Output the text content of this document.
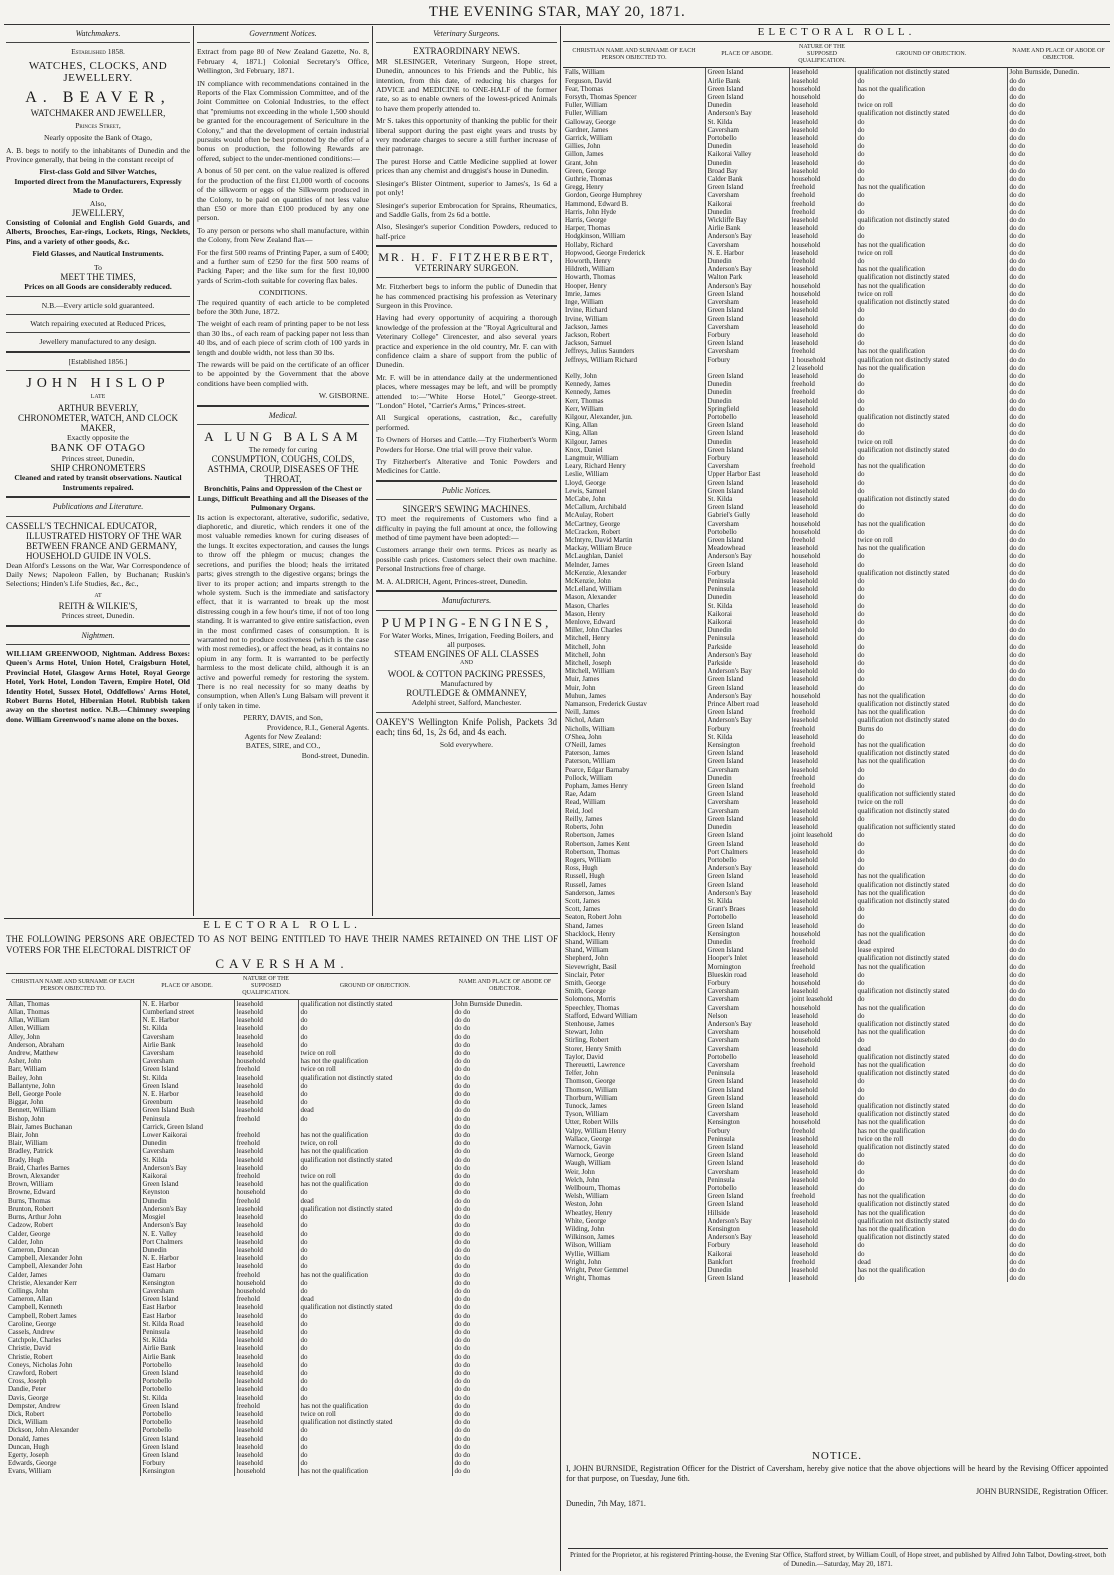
THE EVENING STAR, MAY 20, 1871.
Watchmakers.
Established 1858.
WATCHES, CLOCKS, AND JEWELLERY.
A. BEAVER,
WATCHMAKER AND JEWELLER,
Princes Street,
Nearly opposite the Bank of Otago,

A. B. begs to notify to the inhabitants of Dunedin and the Province generally, that being in the constant receipt of

First-class Gold and Silver Watches,
Imported direct from the Manufacturers, Expressly Made to Order.
Also,
JEWELLERY,

Consisting of Colonial and English Gold Guards, and Alberts, Brooches, Ear-rings, Lockets, Rings, Necklets, Pins, and a variety of other goods, &c.

Field Glasses, and Nautical Instruments.
To
MEET THE TIMES,
Prices on all Goods are considerably reduced.
N.B.—Every article sold guaranteed.
Watch repairing executed at Reduced Prices,
Jewellery manufactured to any design.
[Established 1856.]
JOHN HISLOP
LATE
ARTHUR BEVERLY,
CHRONOMETER, WATCH, AND CLOCK MAKER,
Exactly opposite the
BANK OF OTAGO
Princes street, Dunedin,
SHIP CHRONOMETERS
Cleaned and rated by transit observations. Nautical Instruments repaired.
Publications and Literature.
CASSELL'S TECHNICAL EDUCATOR,
ILLUSTRATED HISTORY OF THE WAR BETWEEN FRANCE AND GERMANY,
HOUSEHOLD GUIDE IN VOLS.

Dean Alford's Lessons on the War, War Correspondence of Daily News; Napoleon Fallen, by Buchanan; Ruskin's Selections; Hinden's Life Studies, &c., &c.,

AT
REITH & WILKIE'S,
Princes street, Dunedin.
Nightmen.

WILLIAM GREENWOOD, Nightman. Address Boxes: Queen's Arms Hotel, Union Hotel, Craigsburn Hotel, Provincial Hotel, Glasgow Arms Hotel, Royal George Hotel, York Hotel, London Tavern, Empire Hotel, Old Identity Hotel, Sussex Hotel, Oddfellows' Arms Hotel, Robert Burns Hotel, Hibernian Hotel. Rubbish taken away on the shortest notice. N.B.—Chimney sweeping done. William Greenwood's name alone on the boxes.

Government Notices.

Extract from page 80 of New Zealand Gazette, No. 8, February 4, 1871.] Colonial Secretary's Office, Wellington, 3rd February, 1871.

IN compliance with recommendations contained in the Reports of the Flax Commission Committee, and of the Joint Committee on Colonial Industries, to the effect that "premiums not exceeding in the whole 1,500 should be granted for the encouragement of Sericulture in the Colony," and that the development of certain industrial pursuits would often be best promoted by the offer of a bonus on production, the following Rewards are offered, subject to the under-mentioned conditions:—

A bonus of 50 per cent. on the value realized is offered for the production of the first £1,000 worth of cocoons of the silkworm or eggs of the Silkworm produced in the Colony, to be paid on quantities of not less value than £50 or more than £100 produced by any one person.

To any person or persons who shall manufacture, within the Colony, from New Zealand flax—

For the first 500 reams of Printing Paper, a sum of £400; and a further sum of £250 for the first 500 reams of Packing Paper; and the like sum for the first 10,000 yards of Scrim-cloth suitable for covering flax bales.

CONDITIONS.

The required quantity of each article to be completed before the 30th June, 1872.

The weight of each ream of printing paper to be not less than 30 lbs., of each ream of packing paper not less than 40 lbs, and of each piece of scrim cloth of 100 yards in length and double width, not less than 30 lbs.

The rewards will be paid on the certificate of an officer to be appointed by the Government that the above conditions have been complied with.

W. GISBORNE.
Medical.
A LUNG BALSAM
The remedy for curing
CONSUMPTION, COUGHS, COLDS, ASTHMA, CROUP, DISEASES OF THE THROAT,
Bronchitis, Pains and Oppression of the Chest or Lungs, Difficult Breathing and all the Diseases of the Pulmonary Organs.

Its action is expectorant, alterative, sudorific, sedative, diaphoretic, and diuretic, which renders it one of the most valuable remedies known for curing diseases of the lungs. It excites expectoration, and causes the lungs to throw off the phlegm or mucus; changes the secretions, and purifies the blood; heals the irritated parts; gives strength to the digestive organs; brings the liver to its proper action; and imparts strength to the whole system. Such is the immediate and satisfactory effect, that it is warranted to break up the most distressing cough in a few hour's time, if not of too long standing. It is warranted to give entire satisfaction, even in the most confirmed cases of consumption. It is warranted not to produce costiveness (which is the case with most remedies), or affect the head, as it contains no opium in any form. It is warranted to be perfectly harmless to the most delicate child, although it is an active and powerful remedy for restoring the system. There is no real necessity for so many deaths by consumption, when Allen's Lung Balsam will prevent it if only taken in time.

PERRY, DAVIS, and Son,
Providence, R.I., General Agents.
Agents for New Zealand:
BATES, SIRE, and CO.,
Bond-street, Dunedin.
Veterinary Surgeons.
EXTRAORDINARY NEWS.

MR SLESINGER, Veterinary Surgeon, Hope street, Dunedin, announces to his Friends and the Public, his intention, from this date, of reducing his charges for ADVICE and MEDICINE to ONE-HALF of the former rate, so as to enable owners of the lowest-priced Animals to have them properly attended to.

Mr S. takes this opportunity of thanking the public for their liberal support during the past eight years and trusts by very moderate charges to secure a still further increase of their patronage.

The purest Horse and Cattle Medicine supplied at lower prices than any chemist and druggist's house in Dunedin.

Slesinger's Blister Ointment, superior to James's, 1s 6d a pot only!

Slesinger's superior Embrocation for Sprains, Rheumatics, and Saddle Galls, from 2s 6d a bottle.

Also, Slesinger's superior Condition Powders, reduced to half-price

MR. H. F. FITZHERBERT,
VETERINARY SURGEON.

Mr. Fitzherbert begs to inform the public of Dunedin that he has commenced practising his profession as Veterinary Surgeon in this Province.

Having had every opportunity of acquiring a thorough knowledge of the profession at the "Royal Agricultural and Veterinary College" Cirencester, and also several years practice and experience in the old country, Mr. F. can with confidence claim a share of support from the public of Dunedin.

Mr. F. will be in attendance daily at the undermentioned places, where messages may be left, and will be promptly attended to:—"White Horse Hotel," George-street. "London" Hotel, "Carrier's Arms," Princes-street.

All Surgical operations, castration, &c., carefully performed.

To Owners of Horses and Cattle.—Try Fitzherbert's Worm Powders for Horse. One trial will prove their value.

Try Fitzherbert's Alterative and Tonic Powders and Medicines for Cattle.

Public Notices.
SINGER'S SEWING MACHINES.

TO meet the requirements of Customers who find a difficulty in paying the full amount at once, the following method of time payment have been adopted:—

Customers arrange their own terms. Prices as nearly as possible cash prices. Customers select their own machine. Personal Instructions free of charge.

M. A. ALDRICH, Agent, Princes-street, Dunedin.

Manufacturers.
PUMPING-ENGINES,
For Water Works, Mines, Irrigation, Feeding Boilers, and all purposes.
STEAM ENGINES OF ALL CLASSES
AND
WOOL & COTTON PACKING PRESSES,
Manufactured by
ROUTLEDGE & OMMANNEY,
Adelphi street, Salford, Manchester.

OAKEY'S Wellington Knife Polish, Packets 3d each; tins 6d, 1s, 2s 6d, and 4s each.

Sold everywhere.
ELECTORAL ROLL.
THE FOLLOWING PERSONS ARE OBJECTED TO AS NOT BEING ENTITLED TO HAVE THEIR NAMES RETAINED ON THE LIST OF VOTERS FOR THE ELECTORAL DISTRICT OF
CAVERSHAM.
CHRISTIAN NAME AND SURNAME OF EACH PERSON OBJECTED TO.	PLACE OF ABODE.	NATURE OF THE SUPPOSED QUALIFICATION.	GROUND OF OBJECTION.	NAME AND PLACE OF ABODE OF OBJECTOR.
Allan, Thomas	N. E. Harbor	leasehold	qualification not distinctly stated	John Burnside Dunedin.
Allan, Thomas	Cumberland street	leasehold	do	do do
Allan, William	N. E. Harbor	leasehold	do	do do
Allen, William	St. Kilda	leasehold	do	do do
Alley, John	Caversham	leasehold	do	do do
Anderson, Abraham	Airlie Bank	leasehold	do	do do
Andrew, Matthew	Caversham	leasehold	twice on roll	do do
Asher, John	Caversham	household	has not the qualification	do do
Barr, William	Green Island	freehold	twice on roll	do do
Bailey, John	St. Kilda	leasehold	qualification not distinctly stated	do do
Ballantyne, John	Green Island	leasehold	do	do do
Bell, George Poole	N. E. Harbor	leasehold	do	do do
Biggar, John	Greenburn	leasehold	do	do do
Bennett, William	Green Island Bush	leasehold	dead	do do
Bishop, John	Peninsula	freehold	do	do do
Blair, James Buchanan	Carrick, Green Island			do do
Blair, John	Lower Kaikorai	freehold	has not the qualification	do do
Blair, William	Dunedin	freehold	twice, on roll	do do
Bradley, Patrick	Caversham	leasehold	has not the qualification	do do
Brady, Hugh	St. Kilda	leasehold	qualification not distinctly stated	do do
Braid, Charles Barnes	Anderson's Bay	leasehold	do	do do
Brown, Alexander	Kaikorai	freehold	twice on roll	do do
Brown, William	Green Island	leasehold	has not the qualification	do do
Browne, Edward	Keynston	household	do	do do
Burns, Thomas	Dunedin	freehold	dead	do do
Brunton, Robert	Anderson's Bay	leasehold	qualification not distinctly stated	do do
Burns, Arthur John	Mosgiel	leasehold	do	do do
Cadzow, Robert	Anderson's Bay	leasehold	do	do do
Calder, George	N. E. Valley	leasehold	do	do do
Calder, John	Port Chalmers	leasehold	do	do do
Cameron, Duncan	Dunedin	leasehold	do	do do
Campbell, Alexander John	N. E. Harbor	leasehold	do	do do
Campbell, Alexander John	East Harbor	leasehold	do	do do
Calder, James	Oamaru	freehold	has not the qualification	do do
Christie, Alexander Kerr	Kensington	household	do	do do
Collings, John	Caversham	household	do	do do
Cameron, Allan	Green Island	freehold	dead	do do
Campbell, Kenneth	East Harbor	leasehold	qualification not distinctly stated	do do
Campbell, Robert James	East Harbor	leasehold	do	do do
Caroline, George	St. Kilda Road	leasehold	do	do do
Cassels, Andrew	Peninsula	leasehold	do	do do
Catchpole, Charles	St. Kilda	leasehold	do	do do
Christie, David	Airlie Bank	leasehold	do	do do
Christie, Robert	Airlie Bank	leasehold	do	do do
Coneys, Nicholas John	Portobello	leasehold	do	do do
Crawford, Robert	Green Island	leasehold	do	do do
Cross, Joseph	Portobello	leasehold	do	do do
Dandie, Peter	Portobello	leasehold	do	do do
Davis, George	St. Kilda	leasehold	do	do do
Dempster, Andrew	Green Island	freehold	has not the qualification	do do
Dick, Robert	Portobello	leasehold	twice on roll	do do
Dick, William	Portobello	leasehold	qualification not distinctly stated	do do
Dickson, John Alexander	Portobello	leasehold	do	do do
Donald, James	Green Island	leasehold	do	do do
Duncan, Hugh	Green Island	leasehold	do	do do
Egerty, Joseph	Green Island	leasehold	do	do do
Edwards, George	Forbury	leasehold	do	do do
Evans, William	Kensington	household	has not the qualification	do do
ELECTORAL ROLL.
CHRISTIAN NAME AND SURNAME OF EACH PERSON OBJECTED TO.	PLACE OF ABODE.	NATURE OF THE SUPPOSED QUALIFICATION.	GROUND OF OBJECTION.	NAME AND PLACE OF ABODE OF OBJECTOR.
Falls, William	Green Island	leasehold	qualification not distinctly stated	John Burnside, Dunedin.
Ferguson, David	Airlie Bank	leasehold	do	do do
Fear, Thomas	Green Island	household	has not the qualification	do do
Forsyth, Thomas Spencer	Green Island	household	do	do do
Fuller, William	Dunedin	leasehold	twice on roll	do do
Fuller, William	Anderson's Bay	leasehold	qualification not distinctly stated	do do
Galloway, George	St. Kilda	leasehold	do	do do
Gardner, James	Caversham	leasehold	do	do do
Garrick, William	Portobello	leasehold	do	do do
Gillies, John	Dunedin	leasehold	do	do do
Gillon, James	Kaikorai Valley	leasehold	do	do do
Grant, John	Dunedin	leasehold	do	do do
Green, George	Broad Bay	leasehold	do	do do
Guthrie, Thomas	Calder Bank	household	do	do do
Gregg, Henry	Green Island	freehold	has not the qualification	do do
Gordon, George Humphrey	Caversham	freehold	do	do do
Hammond, Edward B.	Kaikorai	freehold	do	do do
Harris, John Hyde	Dunedin	freehold	do	do do
Harris, George	Wickliffe Bay	leasehold	qualification not distinctly stated	do do
Harper, Thomas	Airlie Bank	leasehold	do	do do
Hodgkinson, William	Anderson's Bay	leasehold	do	do do
Hollaby, Richard	Caversham	household	has not the qualification	do do
Hopwood, George Frederick	N. E. Harbor	leasehold	twice on roll	do do
Howorth, Henry	Dunedin	freehold	do	do do
Hildreth, William	Anderson's Bay	leasehold	has not the qualification	do do
Howarth, Thomas	Walton Park	leasehold	qualification not distinctly stated	do do
Hooper, Henry	Anderson's Bay	household	has not the qualification	do do
Imrie, James	Green Island	household	twice on roll	do do
Inge, William	Caversham	leasehold	qualification not distinctly stated	do do
Irvine, Richard	Green Island	leasehold	do	do do
Irvine, William	Green Island	leasehold	do	do do
Jackson, James	Caversham	leasehold	do	do do
Jackson, Robert	Forbury	leasehold	do	do do
Jackson, Samuel	Green Island	leasehold	do	do do
Jeffreys, Julius Saunders	Caversham	freehold	has not the qualification	do do
Jeffreys, William Richard	Forbury	1 household	qualification not distinctly stated	do do
		2 leasehold	has not the qualification	do do
Kelly, John	Green Island	leasehold	do	do do
Kennedy, James	Dunedin	freehold	do	do do
Kennedy, James	Dunedin	freehold	do	do do
Kerr, Thomas	Dunedin	leasehold	do	do do
Kerr, William	Springfield	leasehold	do	do do
Kilgour, Alexander, jun.	Portobello	leasehold	qualification not distinctly stated	do do
King, Allan	Green Island	leasehold	do	do do
King, Allan	Green Island	leasehold	do	do do
Kilgour, James	Dunedin	leasehold	twice on roll	do do
Knox, Daniel	Green Island	leasehold	qualification not distinctly stated	do do
Langmuir, William	Forbury	leasehold	do	do do
Leary, Richard Henry	Caversham	freehold	has not the qualification	do do
Leslie, William	Upper Harbor East	leasehold	do	do do
Lloyd, George	Green Island	leasehold	do	do do
Lewis, Samuel	Green Island	leasehold	do	do do
McCabe, John	St. Kilda	leasehold	qualification not distinctly stated	do do
McCallum, Archibald	Green Island	leasehold	do	do do
McAulay, Robert	Gabriel's Gully	leasehold	do	do do
McCartney, George	Caversham	household	has not the qualification	do do
McCracken, Robert	Portobello	household	do	do do
McIntyre, David Martin	Green Island	freehold	twice on roll	do do
Mackay, William Bruce	Meadowhead	leasehold	has not the qualification	do do
McLaughlan, Daniel	Anderson's Bay	household	do	do do
Melnder, James	Green Island	leasehold	do	do do
McKenzie, Alexander	Forbury	leasehold	qualification not distinctly stated	do do
McKenzie, John	Peninsula	leasehold	do	do do
McLelland, William	Peninsula	leasehold	do	do do
Mason, Alexander	Dunedin	leasehold	do	do do
Mason, Charles	St. Kilda	leasehold	do	do do
Mason, Henry	Kaikorai	leasehold	do	do do
Menlove, Edward	Kaikorai	leasehold	do	do do
Miller, John Charles	Dunedin	leasehold	do	do do
Mitchell, Henry	Peninsula	leasehold	do	do do
Mitchell, John	Parkside	leasehold	do	do do
Mitchell, John	Anderson's Bay	leasehold	do	do do
Mitchell, Joseph	Parkside	leasehold	do	do do
Mitchell, William	Anderson's Bay	leasehold	do	do do
Muir, James	Green Island	leasehold	do	do do
Muir, John	Green Island	leasehold	do	do do
Muhun, James	Anderson's Bay	household	has not the qualification	do do
Namanson, Frederick Gustav	Prince Albert road	leasehold	qualification not distinctly stated	do do
Neill, James	Green Island	freehold	has not the qualification	do do
Nichol, Adam	Anderson's Bay	leasehold	qualification not distinctly stated	do do
Nicholls, William	Forbury	freehold	Burns do	do do
O'Shea, John	St. Kilda	leasehold	do	do do
O'Neill, James	Kensington	freehold	has not the qualification	do do
Paterson, James	Green Island	leasehold	qualification not distinctly stated	do do
Paterson, William	Green Island	leasehold	has not the qualification	do do
Pearce, Edgar Barnaby	Caversham	leasehold	do	do do
Pollock, William	Dunedin	freehold	do	do do
Popham, James Henry	Green Island	freehold	do	do do
Rae, Adam	Green Island	leasehold	qualification not sufficiently stated	do do
Read, William	Caversham	leasehold	twice on the roll	do do
Reid, Joel	Caversham	leasehold	qualification not distinctly stated	do do
Reilly, James	Green Island	leasehold	do	do do
Roberts, John	Dunedin	leasehold	qualification not sufficiently stated	do do
Robertson, James	Green Island	joint leasehold	do	do do
Robertson, James Kent	Green Island	leasehold	do	do do
Robertson, Thomas	Port Chalmers	leasehold	do	do do
Rogers, William	Portobello	leasehold	do	do do
Ross, Hugh	Anderson's Bay	leasehold	do	do do
Russell, Hugh	Green Island	leasehold	has not the qualification	do do
Russell, James	Green Island	leasehold	qualification not distinctly stated	do do
Sanderson, James	Anderson's Bay	leasehold	has not the qualification	do do
Scott, James	St. Kilda	leasehold	qualification not distinctly stated	do do
Scott, James	Grant's Braes	leasehold	do	do do
Seaton, Robert John	Portobello	leasehold	do	do do
Shand, James	Green Island	leasehold	do	do do
Shacklock, Henry	Kensington	household	has not the qualification	do do
Shand, William	Dunedin	freehold	dead	do do
Shand, William	Green Island	leasehold	lease expired	do do
Shepherd, John	Hooper's Inlet	leasehold	qualification not distinctly stated	do do
Sievewright, Basil	Mornington	freehold	has not the qualification	do do
Sinclair, Peter	Blueskin road	leasehold	do	do do
Smith, George	Forbury	household	do	do do
Smith, George	Caversham	leasehold	qualification not distinctly stated	do do
Solomons, Morris	Caversham	joint leasehold	do	do do
Speechley, Thomas	Caversham	household	has not the qualification	do do
Stafford, Edward William	Nelson	leasehold	do	do do
Stenhouse, James	Anderson's Bay	leasehold	qualification not distinctly stated	do do
Stewart, John	Caversham	household	has not the qualification	do do
Stirling, Robert	Caversham	household	do	do do
Storer, Henry Smith	Caversham	leasehold	dead	do do
Taylor, David	Portobello	leasehold	qualification not distinctly stated	do do
Thereuetti, Lawrence	Caversham	freehold	has not the qualification	do do
Telfer, John	Peninsula	leasehold	qualification not distinctly stated	do do
Thomson, George	Green Island	leasehold	do	do do
Thomson, William	Green Island	leasehold	do	do do
Thorburn, William	Green Island	leasehold	do	do do
Tunock, James	Green Island	leasehold	qualification not distinctly stated	do do
Tyson, William	Caversham	leasehold	qualification not distinctly stated	do do
Utter, Robert Wills	Kensington	household	has not the qualification	do do
Valpy, William Henry	Forbury	freehold	has not the qualification	do do
Wallace, George	Peninsula	leasehold	twice on the roll	do do
Warnock, Gavin	Green Island	leasehold	qualification not distinctly stated	do do
Warnock, George	Green Island	leasehold	do	do do
Waugh, William	Green Island	leasehold	do	do do
Weir, John	Caversham	leasehold	do	do do
Welch, John	Peninsula	leasehold	do	do do
Wellbourn, Thomas	Portobello	leasehold	do	do do
Welsh, William	Green Island	freehold	has not the qualification	do do
Weston, John	Green Island	leasehold	qualification not distinctly stated	do do
Wheatley, Henry	Hillside	leasehold	has not the qualification	do do
White, George	Anderson's Bay	leasehold	qualification not distinctly stated	do do
Wilding, John	Kensington	leasehold	has not the qualification	do do
Wilkinson, James	Anderson's Bay	leasehold	qualification not distinctly stated	do do
Wilson, William	Forbury	leasehold	do	do do
Wyllie, William	Kaikorai	leasehold	do	do do
Wright, John	Bankfort	freehold	dead	do do
Wright, Peter Gemmel	Dunedin	leasehold	has not the qualification	do do
Wright, Thomas	Green Island	leasehold	do	do do
NOTICE.

I, JOHN BURNSIDE, Registration Officer for the District of Caversham, hereby give notice that the above objections will be heard by the Revising Officer appointed for that purpose, on Tuesday, June 6th.

JOHN BURNSIDE, Registration Officer.
Dunedin, 7th May, 1871.
Printed for the Proprietor, at his registered Printing-house, the Evening Star Office, Stafford street, by William Coull, of Hope street, and published by Alfred John Talbot, Dowling-street, both of Dunedin.—Saturday, May 20, 1871.
